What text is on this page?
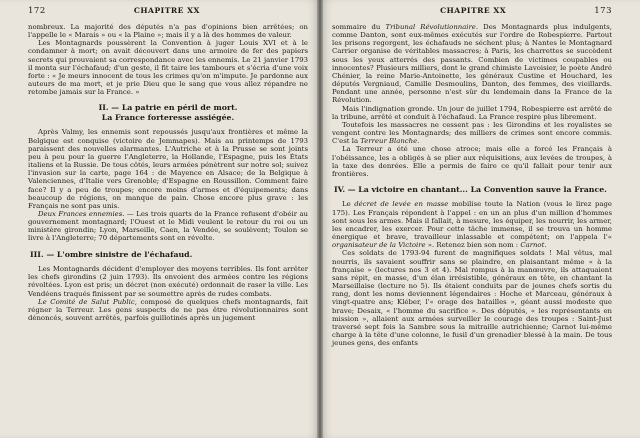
172	CHAPITRE XX

nombreux. La majorité des députés n'a pas d'opinions bien arrêtées; on l'appelle le « Marais » ou « la Plaine »; mais il y a là des hommes de valeur.

Les Montagnards poussèrent la Convention à juger Louis XVI et à le condamner à mort; on avait découvert dans une armoire de fer des papiers secrets qui prouvaient sa correspondance avec les ennemis. Le 21 janvier 1793 il monta sur l'échafaud; d'un geste, il fit taire les tambours et s'écria d'une voix forte : « Je meurs innocent de tous les crimes qu'on m'impute. Je pardonne aux auteurs de ma mort, et je prie Dieu que le sang que vous allez répandre ne retombe jamais sur la France. »

II. — La patrie en péril de mort.
La France forteresse assiégée.

Après Valmy, les ennemis sont repoussés jusqu'aux frontières et même la Belgique est conquise (victoire de Jemmapes). Mais au printemps de 1793 paraissent des nouvelles alarmantes. L'Autriche et à la Prusse se sont joints peu à peu pour la guerre l'Angleterre, la Hollande, l'Espagne, puis les États italiens et la Russie. De tous côtés, leurs armées pénètrent sur notre sol; suivez l'invasion sur la carte, page 164 : de Mayence en Alsace; de la Belgique à Valenciennes, d'Italie vers Grenoble; d'Espagne en Roussillon. Comment faire face? Il y a peu de troupes; encore moins d'armes et d'équipements; dans beaucoup de régions, on manque de pain. Chose encore plus grave : les Français ne sont pas unis.

Deux Frances ennemies. — Les trois quarts de la France refusent d'obéir au gouvernement montagnard; l'Ouest et le Midi veulent le retour du roi ou un ministère girondin; Lyon, Marseille, Caen, la Vendée, se soulèvent; Toulon se livre à l'Angleterre; 70 départements sont en révolte.

III. — L'ombre sinistre de l'échafaud.

Les Montagnards décident d'employer des moyens terribles. Ils font arrêter les chefs girondins (2 juin 1793). Ils envoient des armées contre les régions révoltées. Lyon est pris; un décret (non exécuté) ordonnait de raser la ville. Les Vendéens traqués finissent par se soumettre après de rudes combats.

Le Comité de Salut Public, composé de quelques chefs montagnards, fait régner la Terreur. Les gens suspects de ne pas être révolutionnaires sont dénoncés, souvent arrêtés, parfois guillotinés après un jugement

CHAPITRE XX	173

sommaire du Tribunal Révolutionnaire. Des Montagnards plus indulgents, comme Danton, sont eux-mêmes exécutés sur l'ordre de Robespierre. Partout les prisons regorgent, les échafauds ne séchent plus; à Nantes le Montagnard Carrier organise de véritables massacres; à Paris, les charrettes se succèdent sous les yeux atterrés des passants. Combien de victimes coupables ou innocentes? Plusieurs milliers, dont le grand chimiste Lavoisier, le poète André Chénier, la reine Marie-Antoinette, les généraux Custine et Houchard, les députés Vergniaud, Camille Desmoulins, Danton, des femmes, des vieillards. Pendant une année, personne n'est sûr du lendemain dans la France de la Révolution.

Mais l'indignation gronde. Un jour de juillet 1794, Robespierre est arrêté de la tribune, arrêté et conduit à l'échafaud. La France respire plus librement.

Toutefois les massacres ne cessent pas : les Girondins et les royalistes se vengent contre les Montagnards; des milliers de crimes sont encore commis. C'est la Terreur Blanche.

La Terreur a été une chose atroce; mais elle a forcé les Français à l'obéissance, les a obligés à se plier aux réquisitions, aux levées de troupes, à la taxe des denrées. Elle a permis de faire ce qu'il fallait pour tenir aux frontières.

IV. — La victoire en chantant... La Convention sauve la France.

Le décret de levée en masse mobilise toute la Nation (vous le lirez page 175). Les Français répondent à l'appel : en un an plus d'un million d'hommes sont sous les armes. Mais il fallait, à mesure, les équiper, les nourrir, les armer, les encadrer, les exercer. Pour cette tâche immense, il se trouva un homme énergique et brave, travailleur inlassable et compétent; on l'appela l'« organisateur de la Victoire ». Retenez bien son nom : Carnot.

Ces soldats de 1793-94 furent de magnifiques soldats ! Mal vêtus, mal nourris, ils savaient souffrir sans se plaindre, en plaisantant même « à la française » (lectures nos 3 et 4). Mal rompus à la manœuvre, ils attaquaient sans répit, en masse, d'un élan irrésistible, généraux en tête, en chantant la Marseillaise (lecture no 5). Ils étaient conduits par de jeunes chefs sortis du rang, dont les noms deviennent légendaires : Hoche et Marceau, généraux à vingt-quatre ans; Kléber, l'« orage des batailles », géant aussi modeste que brave; Desaix, « l'homme du sacrifice ». Des députés, « les représentants en mission », allaient aux armées surveiller le courage des troupes : Saint-Just traversé sept fois la Sambre sous la mitraille autrichienne; Carnot lui-même charge à la tête d'une colonne, le fusil d'un grenadier blessé à la main. De tous jeunes gens, des enfants
